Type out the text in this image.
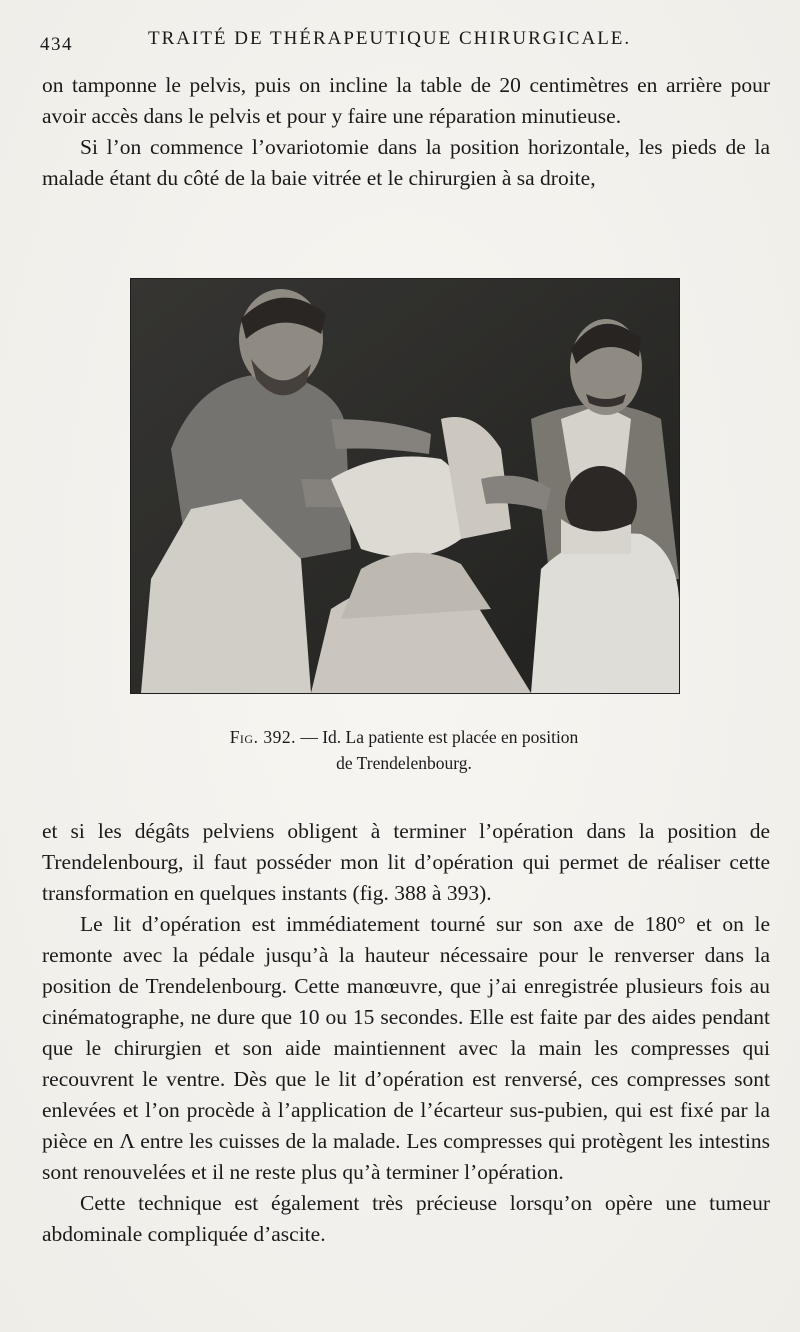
434	TRAITÉ DE THÉRAPEUTIQUE CHIRURGICALE.

on tamponne le pelvis, puis on incline la table de 20 centimètres en arrière pour avoir accès dans le pelvis et pour y faire une réparation minutieuse.

Si l’on commence l’ovariotomie dans la position horizontale, les pieds de la malade étant du côté de la baie vitrée et le chirurgien à sa droite,

Fig. 392. — Id. La patiente est placée en position
de Trendelenbourg.

et si les dégâts pelviens obligent à terminer l’opération dans la position de Trendelenbourg, il faut posséder mon lit d’opération qui permet de réaliser cette transformation en quelques instants (fig. 388 à 393).

Le lit d’opération est immédiatement tourné sur son axe de 180° et on le remonte avec la pédale jusqu’à la hauteur nécessaire pour le renverser dans la position de Trendelenbourg. Cette manœuvre, que j’ai enregistrée plusieurs fois au cinématographe, ne dure que 10 ou 15 secondes. Elle est faite par des aides pendant que le chirurgien et son aide maintiennent avec la main les compresses qui recouvrent le ventre. Dès que le lit d’opération est renversé, ces compresses sont enlevées et l’on procède à l’application de l’écarteur sus-pubien, qui est fixé par la pièce en Λ entre les cuisses de la malade. Les compresses qui protègent les intestins sont renouvelées et il ne reste plus qu’à terminer l’opération.

Cette technique est également très précieuse lorsqu’on opère une tumeur abdominale compliquée d’ascite.
